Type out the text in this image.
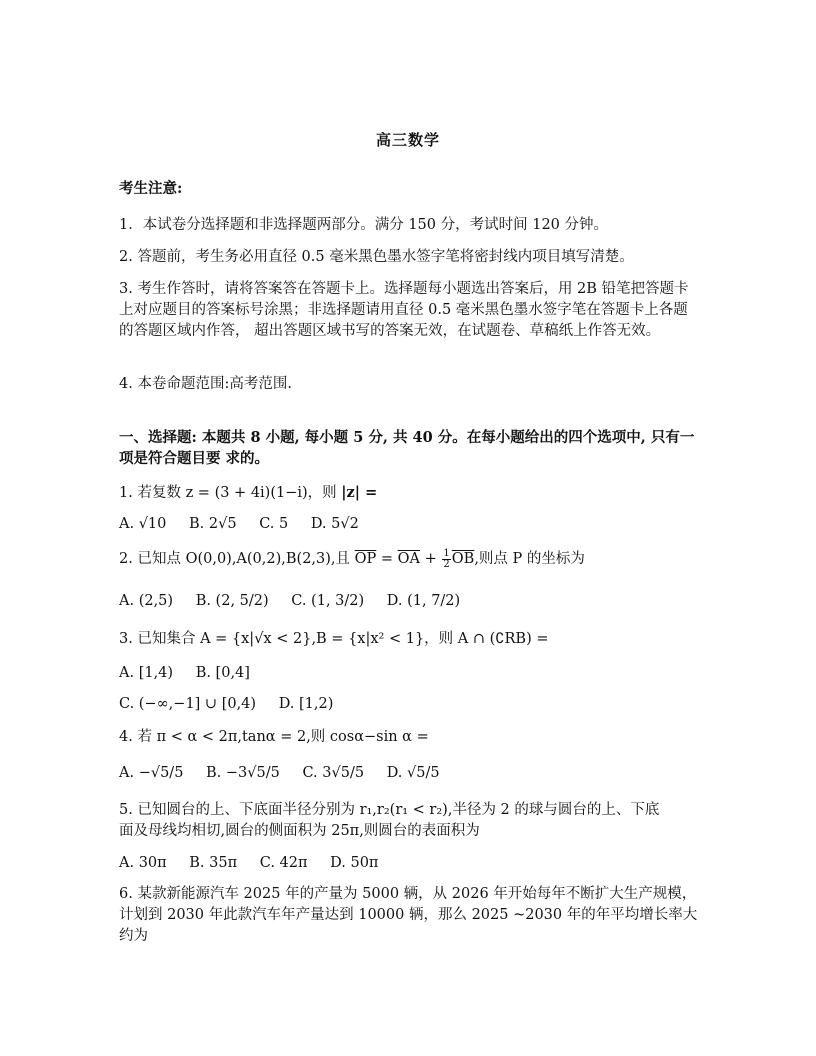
高三数学
考生注意:
1．本试卷分选择题和非选择题两部分。满分 150 分，考试时间 120 分钟。
2. 答题前，考生务必用直径 0.5 毫米黑色墨水签字笔将密封线内项目填写清楚。
3. 考生作答时，请将答案答在答题卡上。选择题每小题选出答案后，用 2B 铅笔把答题卡上对应题目的答案标号涂黑；非选择题请用直径 0.5 毫米黑色墨水签字笔在答题卡上各题的答题区域内作答， 超出答题区域书写的答案无效，在试题卷、草稿纸上作答无效。
4. 本卷命题范围:高考范围.
一、选择题: 本题共 8 小题, 每小题 5 分, 共 40 分。在每小题给出的四个选项中, 只有一项是符合题目要 求的。
1. 若复数 z = (3 + 4i)(1−i)，则 |z| =
A. √10 B. 2√5 C. 5 D. 5√2
2. 已知点 O(0,0),A(0,2),B(2,3),且 $\overline{OP} = \overline{OA} + \frac{1}{2} \overline{OB}$,则点 P 的坐标为
A. (2,5) B. (2, 5/2) C. (1, 3/2) D. (1, 7/2)
3. 已知集合 A = {x|√x < 2},B = {x|x² < 1}，则 A ∩ (∁RB) =
A. [1,4) B. [0,4]
C. (−∞,−1] ∪ [0,4) D. [1,2)
4. 若 π < α < 2π,tanα = 2,则 cosα−sin α =
A. −√5/5 B. −3√5/5 C. 3√5/5 D. √5/5
5. 已知圆台的上、下底面半径分别为 r₁,r₂(r₁ < r₂),半径为 2 的球与圆台的上、下底
面及母线均相切,圆台的侧面积为 25π,则圆台的表面积为
A. 30π B. 35π C. 42π D. 50π
6. 某款新能源汽车 2025 年的产量为 5000 辆，从 2026 年开始每年不断扩大生产规模，计划到 2030 年此款汽车年产量达到 10000 辆，那么 2025 ~2030 年的年平均增长率大约为
